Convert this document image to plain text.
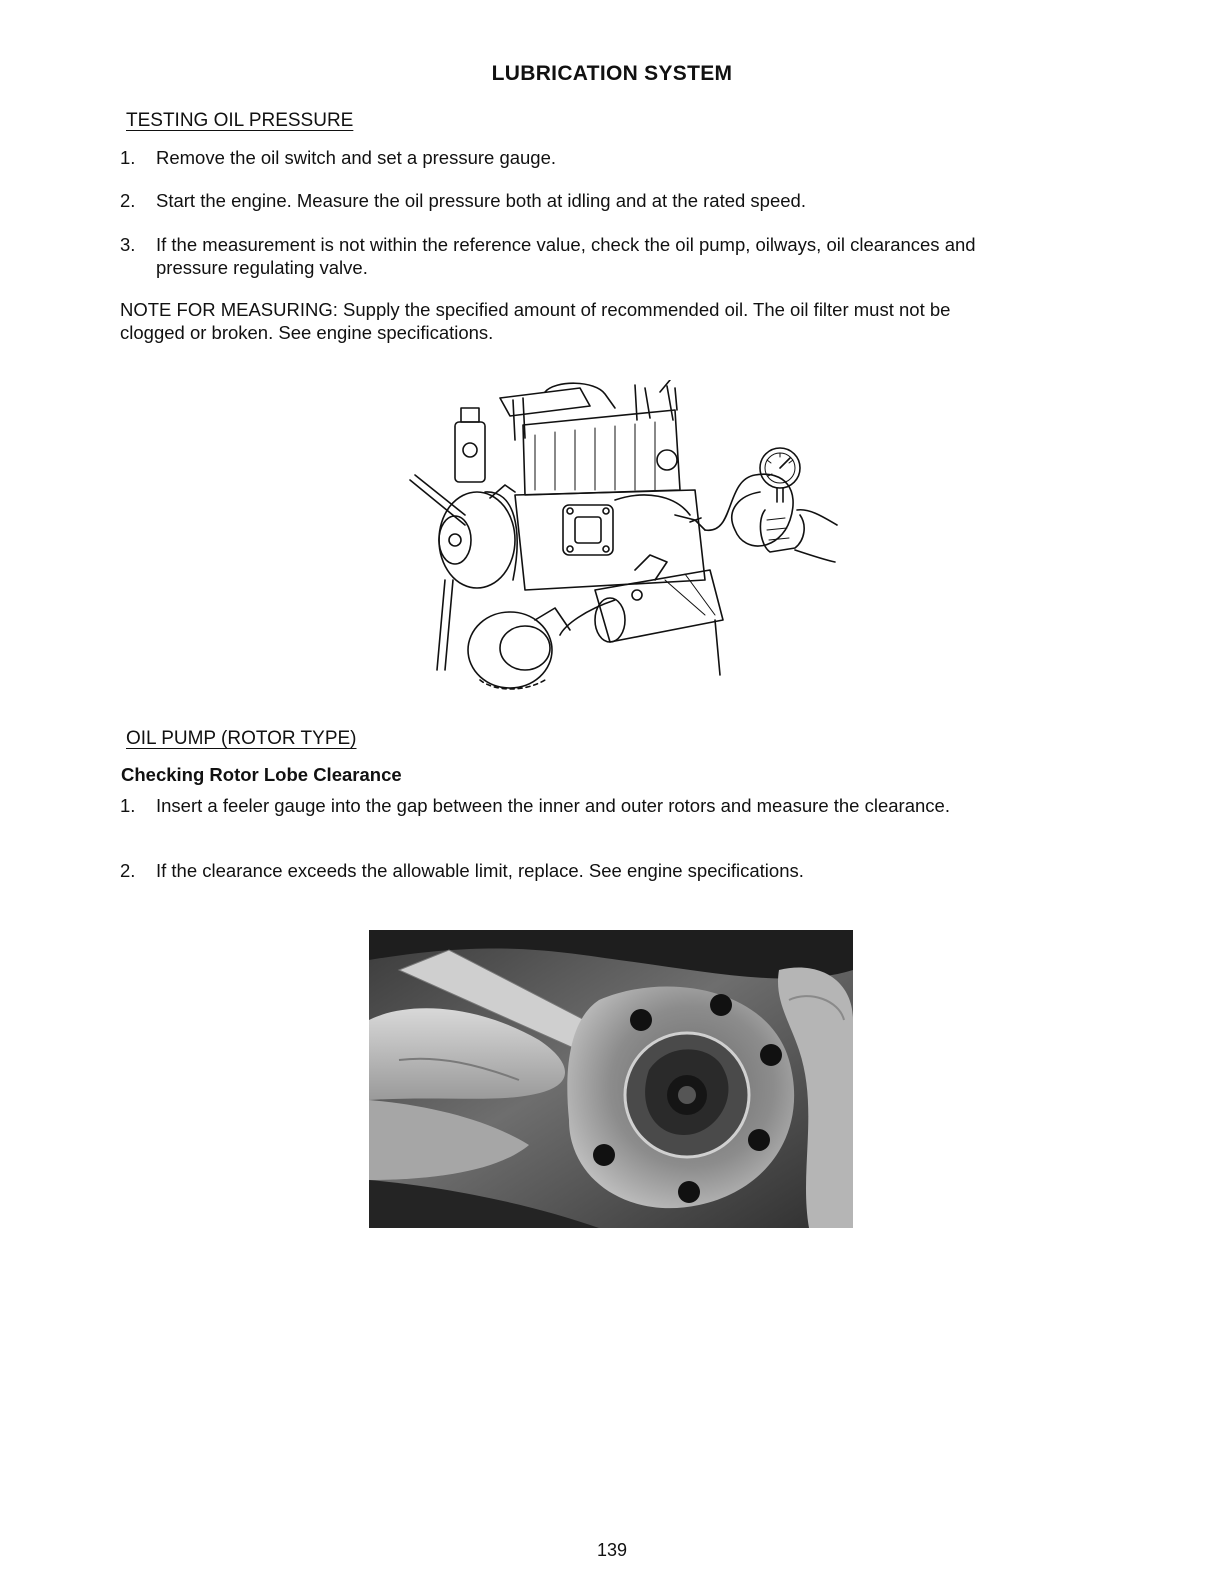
LUBRICATION SYSTEM
TESTING OIL PRESSURE
1. Remove the oil switch and set a pressure gauge.
2. Start the engine. Measure the oil pressure both at idling and at the rated speed.
3. If the measurement is not within the reference value, check the oil pump, oilways, oil clearances and pressure regulating valve.
NOTE FOR MEASURING: Supply the specified amount of recommended oil. The oil filter must not be clogged or broken. See engine specifications.
OIL PUMP (ROTOR TYPE)
Checking Rotor Lobe Clearance
1. Insert a feeler gauge into the gap between the inner and outer rotors and measure the clearance.
2. If the clearance exceeds the allowable limit, replace. See engine specifications.
139
